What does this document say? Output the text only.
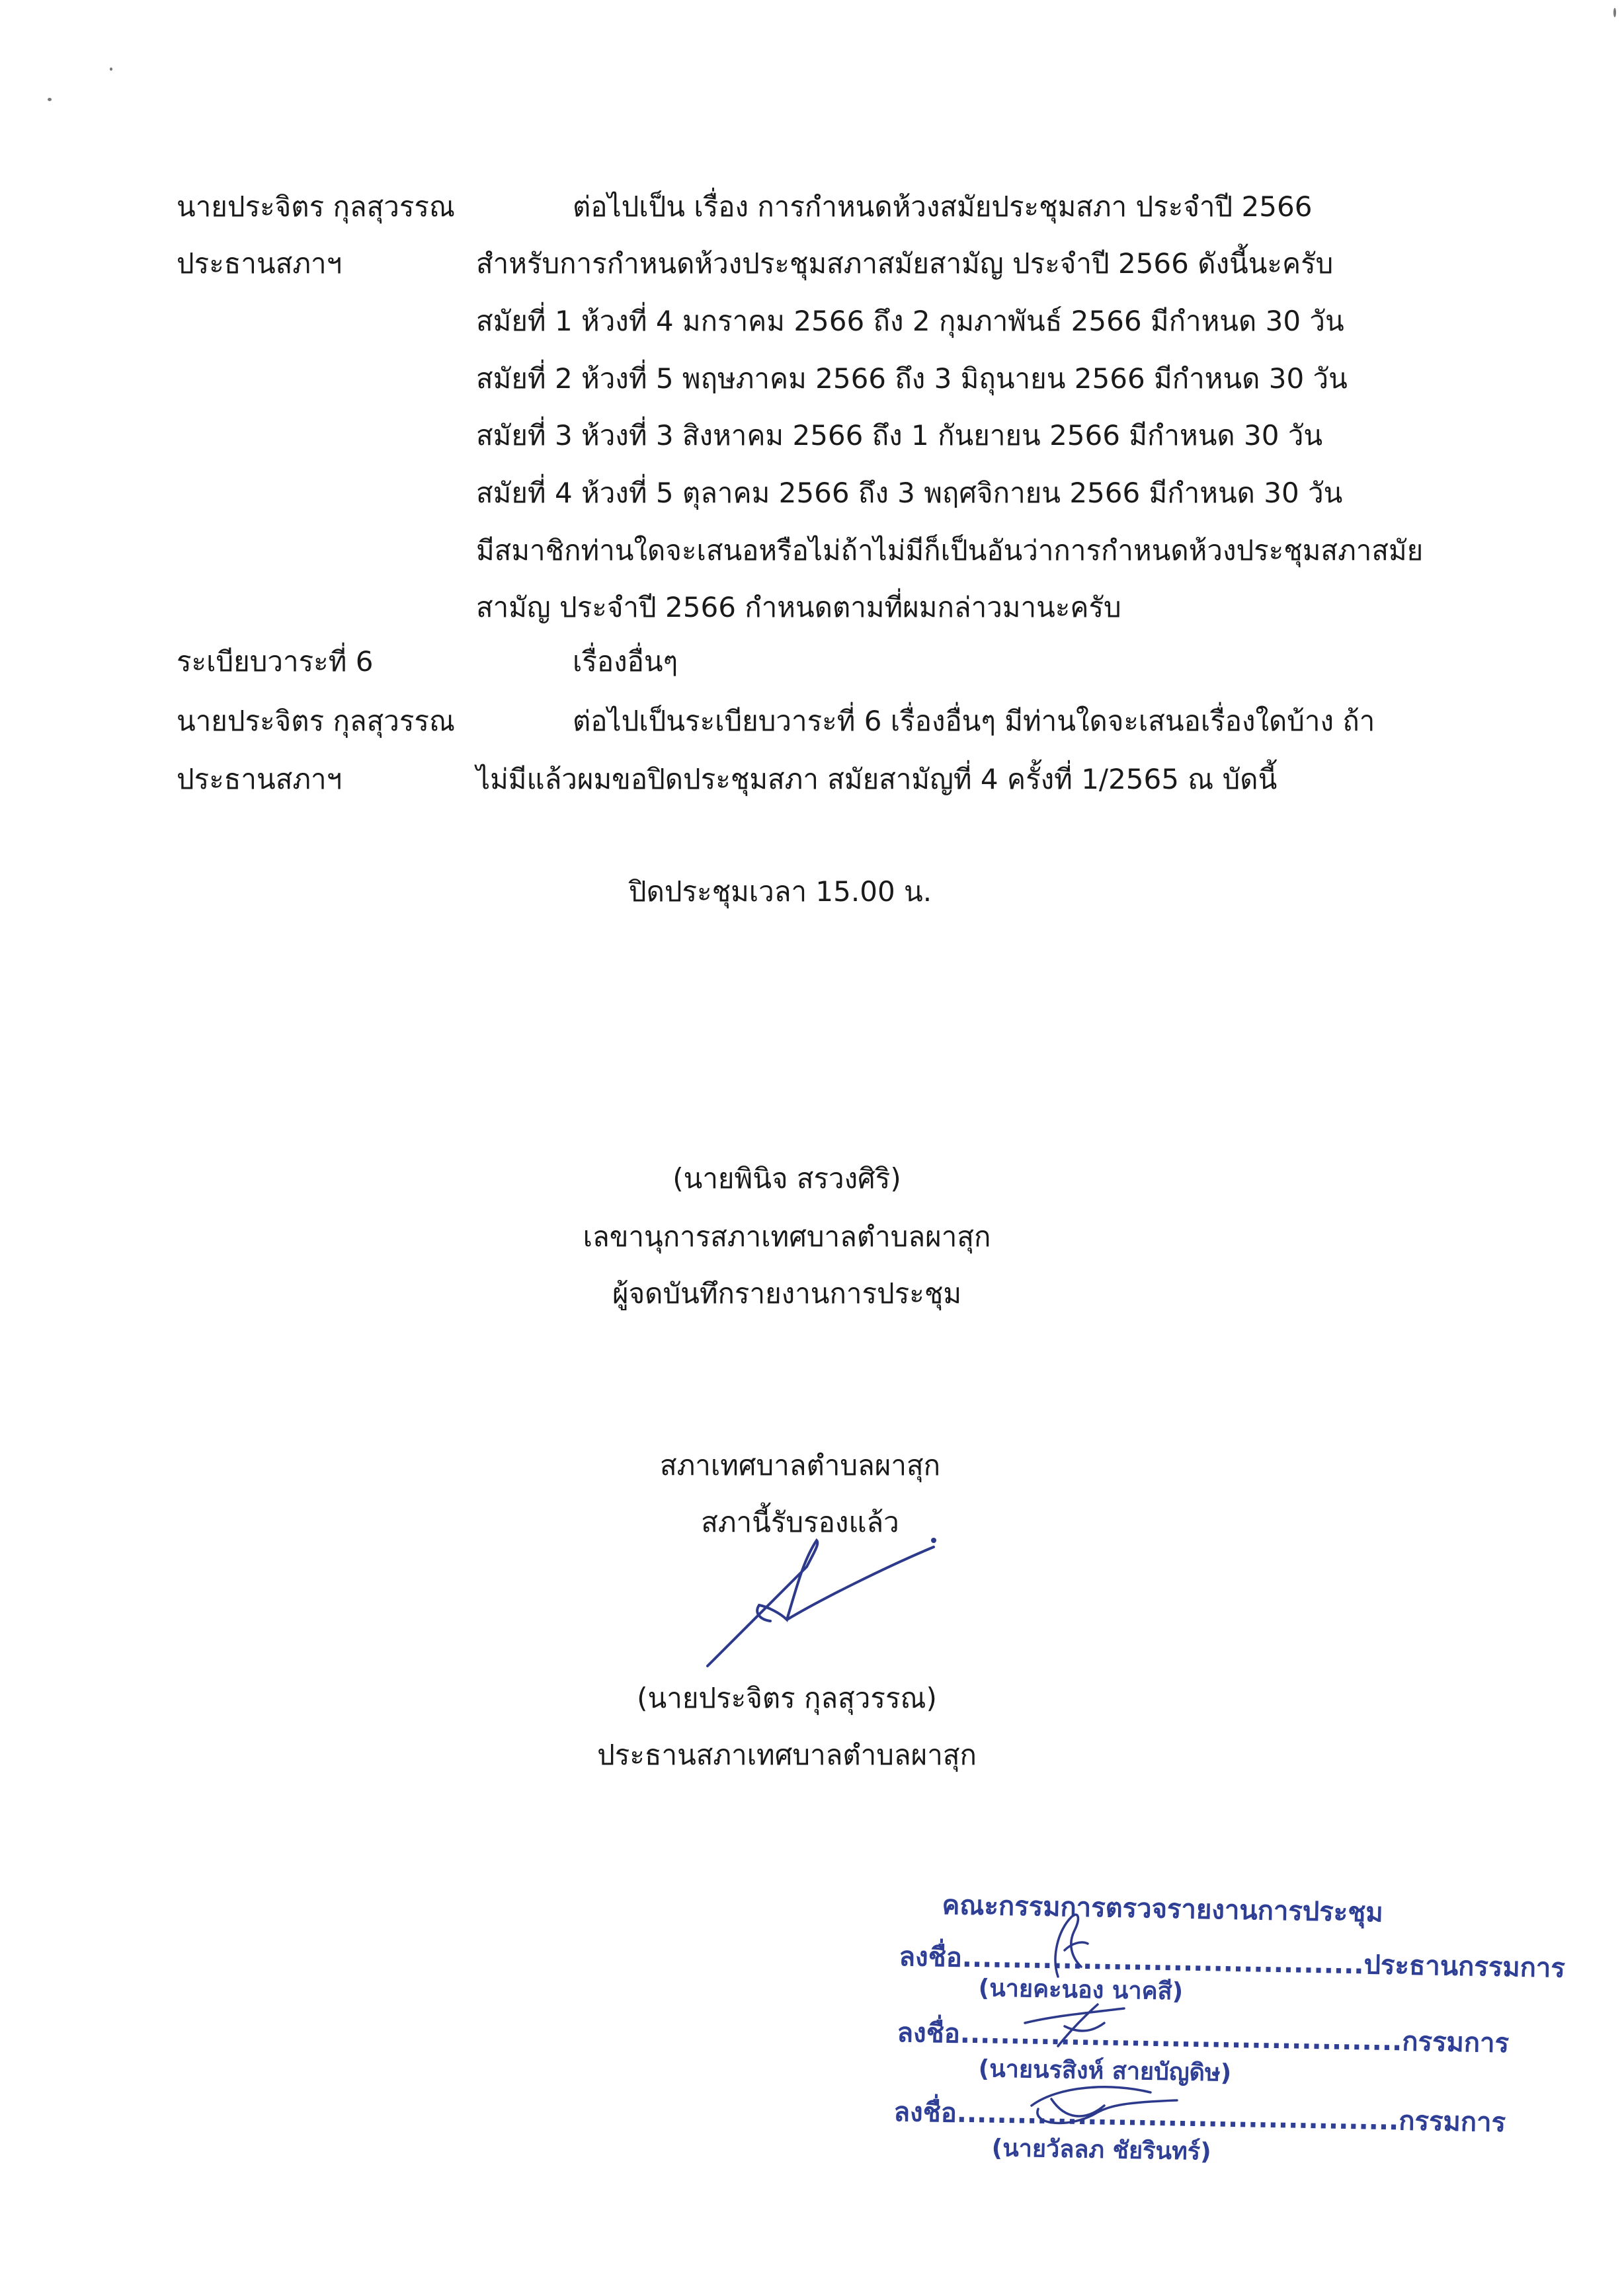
นายประจิตร กุลสุวรรณ
ประธานสภาฯ
ต่อไปเป็น เรื่อง การกำหนดห้วงสมัยประชุมสภา ประจำปี 2566
สำหรับการกำหนดห้วงประชุมสภาสมัยสามัญ ประจำปี 2566 ดังนี้นะครับ
สมัยที่ 1 ห้วงที่ 4 มกราคม 2566 ถึง 2 กุมภาพันธ์ 2566 มีกำหนด 30 วัน
สมัยที่ 2 ห้วงที่ 5 พฤษภาคม 2566 ถึง 3 มิถุนายน 2566 มีกำหนด 30 วัน
สมัยที่ 3 ห้วงที่ 3 สิงหาคม 2566 ถึง 1 กันยายน 2566 มีกำหนด 30 วัน
สมัยที่ 4 ห้วงที่ 5 ตุลาคม 2566 ถึง 3 พฤศจิกายน 2566 มีกำหนด 30 วัน
มีสมาชิกท่านใดจะเสนอหรือไม่ถ้าไม่มีก็เป็นอันว่าการกำหนดห้วงประชุมสภาสมัย
สามัญ ประจำปี 2566 กำหนดตามที่ผมกล่าวมานะครับ
ระเบียบวาระที่ 6	เรื่องอื่นๆ
นายประจิตร กุลสุวรรณ
ประธานสภาฯ
ต่อไปเป็นระเบียบวาระที่ 6 เรื่องอื่นๆ มีท่านใดจะเสนอเรื่องใดบ้าง ถ้า
ไม่มีแล้วผมขอปิดประชุมสภา สมัยสามัญที่ 4 ครั้งที่ 1/2565 ณ บัดนี้
ปิดประชุมเวลา 15.00 น.
(นายพินิจ สรวงศิริ)
เลขานุการสภาเทศบาลตำบลผาสุก
ผู้จดบันทึกรายงานการประชุม
สภาเทศบาลตำบลผาสุก
สภานี้รับรองแล้ว
(นายประจิตร กุลสุวรรณ)
ประธานสภาเทศบาลตำบลผาสุก
คณะกรรมการตรวจรายงานการประชุม
ลงชื่อ........................................ประธานกรรมการ
(นายคะนอง นาคสี)
ลงชื่อ............................................กรรมการ
(นายนรสิงห์ สายบัญดิษ)
ลงชื่อ............................................กรรมการ
(นายวัลลภ ชัยรินทร์)
